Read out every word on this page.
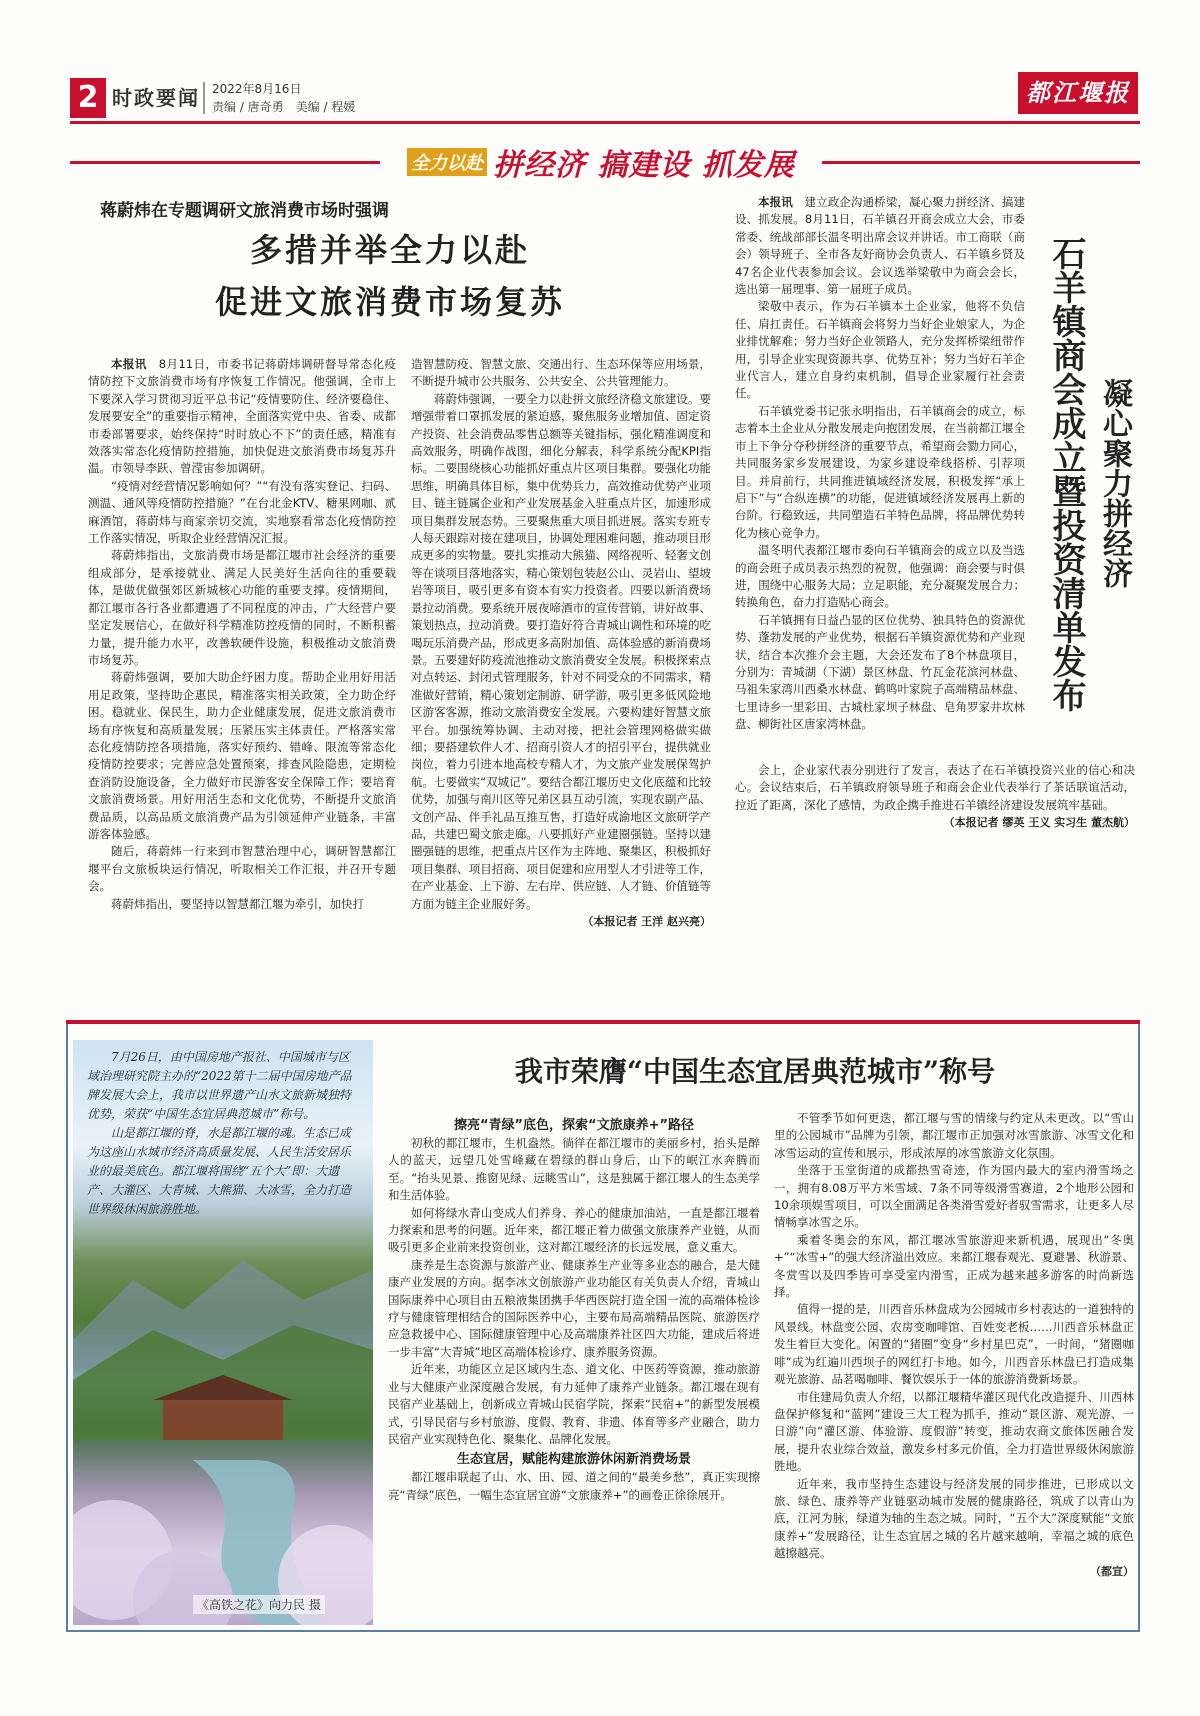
2 时政要闻 2022年8月16日
责编 / 唐奇勇　美编 / 程媛	都江堰报
全力以赴 拼经济 搞建设 抓发展
蒋蔚炜在专题调研文旅消费市场时强调
多措并举全力以赴
促进文旅消费市场复苏

本报讯　 8月11日，市委书记蒋蔚炜调研督导常态化疫情防控下文旅消费市场有序恢复工作情况。他强调，全市上下要深入学习贯彻习近平总书记“疫情要防住、经济要稳住、发展要安全”的重要指示精神，全面落实党中央、省委、成都市委部署要求，始终保持“时时放心不下”的责任感，精准有效落实常态化疫情防控措施，加快促进文旅消费市场复苏升温。市领导李跃、曾滢宙参加调研。

“疫情对经营情况影响如何？”“有没有落实登记、扫码、测温、通风等疫情防控措施？”在台北金KTV、糖果网咖、贰麻酒馆，蒋蔚炜与商家亲切交流，实地察看常态化疫情防控工作落实情况，听取企业经营情况汇报。

蒋蔚炜指出，文旅消费市场是都江堰市社会经济的重要组成部分，是承接就业、满足人民美好生活向往的重要载体，是做优做强郊区新城核心功能的重要支撑。疫情期间，都江堰市各行各业都遭遇了不同程度的冲击，广大经营户要坚定发展信心，在做好科学精准防控疫情的同时，不断积蓄力量，提升能力水平，改善软硬件设施，积极推动文旅消费市场复苏。

蒋蔚炜强调，要加大助企纾困力度。帮助企业用好用活用足政策，坚持助企惠民，精准落实相关政策，全力助企纾困。稳就业、保民生，助力企业健康发展，促进文旅消费市场有序恢复和高质量发展；压紧压实主体责任。严格落实常态化疫情防控各项措施，落实好预约、错峰、限流等常态化疫情防控要求；完善应急处置预案，排查风险隐患，定期检查消防设施设备，全力做好市民游客安全保障工作；要培育文旅消费场景。用好用活生态和文化优势，不断提升文旅消费品质，以高品质文旅消费产品为引领延伸产业链条，丰富游客体验感。

随后，蒋蔚炜一行来到市智慧治理中心，调研智慧都江堰平台文旅板块运行情况，听取相关工作汇报，并召开专题会。

蒋蔚炜指出，要坚持以智慧都江堰为牵引，加快打

造智慧防疫、智慧文旅、交通出行、生态环保等应用场景，不断提升城市公共服务、公共安全、公共管理能力。

蒋蔚炜强调，一要全力以赴拼文旅经济稳文旅建设。要增强带着口罩抓发展的紧迫感，聚焦服务业增加值、固定资产投资、社会消费品零售总额等关键指标，强化精准调度和高效服务，明确作战图，细化分解表，科学系统分配KPI指标。二要围绕核心功能抓好重点片区项目集群。要强化功能思维，明确具体目标，集中优势兵力，高效推动优势产业项目、链主链属企业和产业发展基金入驻重点片区，加速形成项目集群发展态势。三要聚焦重大项目抓进展。落实专班专人每天跟踪对接在建项目，协调处理困难问题，推动项目形成更多的实物量。要扎实推动大熊猫、网络视听、轻奢文创等在谈项目落地落实，精心策划包装赵公山、灵岩山、望坡岩等项目，吸引更多有资本有实力投资者。四要以新消费场景拉动消费。要系统开展夜啼酒市的宣传营销，讲好故事、策划热点，拉动消费。要打造好符合青城山调性和环境的吃喝玩乐消费产品，形成更多高附加值、高体验感的新消费场景。五要建好防疫流池推动文旅消费安全发展。积极探索点对点转运、封闭式管理服务，针对不同受众的不同需求，精准做好营销，精心策划定制游、研学游，吸引更多低风险地区游客客源，推动文旅消费安全发展。六要构建好智慧文旅平台。加强统筹协调、主动对接，把社会管理网格做实做细；要搭建软件人才、招商引资人才的招引平台，提供就业岗位，着力引进本地高校专精人才，为文旅产业发展保驾护航。七要做实“双城记”。要结合都江堰历史文化底蕴和比较优势，加强与南川区等兄弟区县互动引流，实现农副产品、文创产品、伴手礼品互推互售，打造好成渝地区文旅研学产品，共建巴蜀文旅走廊。八要抓好产业建圈强链。坚持以建圈强链的思维，把重点片区作为主阵地、聚集区，积极抓好项目集群、项目招商、项目促建和应用型人才引进等工作，在产业基金、上下游、左右岸、供应链、人才链、价值链等方面为链主企业服好务。

（本报记者 王洋 赵兴亮）

本报讯　 建立政企沟通桥梁，凝心聚力拼经济、搞建设、抓发展。8月11日，石羊镇召开商会成立大会，市委常委、统战部部长温冬明出席会议并讲话。市工商联（商会）领导班子、全市各友好商协会负责人、石羊镇乡贤及47名企业代表参加会议。会议选举梁敬中为商会会长，选出第一届理事、第一届班子成员。

梁敬中表示，作为石羊镇本土企业家，他将不负信任、肩扛责任。石羊镇商会将努力当好企业娘家人，为企业排忧解难；努力当好企业领路人，充分发挥桥梁纽带作用，引导企业实现资源共享、优势互补；努力当好石羊企业代言人，建立自身约束机制，倡导企业家履行社会责任。

石羊镇党委书记张永明指出，石羊镇商会的成立，标志着本土企业从分散发展走向抱团发展，在当前都江堰全市上下争分夺秒拼经济的重要节点，希望商会勠力同心，共同服务家乡发展建设，为家乡建设牵线搭桥、引荐项目。并肩前行，共同推进镇域经济发展，积极发挥“承上启下”与“合纵连横”的功能，促进镇域经济发展再上新的台阶。行稳致远，共同塑造石羊特色品牌，将品牌优势转化为核心竞争力。

温冬明代表都江堰市委向石羊镇商会的成立以及当选的商会班子成员表示热烈的祝贺，他强调：商会要与时俱进，围绕中心服务大局；立足职能，充分凝聚发展合力；转换角色，奋力打造贴心商会。

石羊镇拥有日益凸显的区位优势、独具特色的资源优势、蓬勃发展的产业优势，根据石羊镇资源优势和产业现状，结合本次推介会主题，大会还发布了8个林盘项目，分别为：青城湖（下湖）景区林盘、竹瓦金花滨河林盘、马祖朱家湾川西桑水林盘、鹤鸣叶家院子高端精品林盘、七里诗乡一里彩田、古城杜家坝子林盘、皂角罗家井坎林盘、柳街社区唐家湾林盘。

石羊镇商会成立暨投资清单发布 凝心聚力拼经济

会上，企业家代表分别进行了发言，表达了在石羊镇投资兴业的信心和决心。会议结束后，石羊镇政府领导班子和商会企业代表举行了茶话联谊活动，拉近了距离，深化了感情，为政企携手推进石羊镇经济建设发展筑牢基础。

（本报记者 缪英 王义 实习生 董杰航）

7月26日，由中国房地产报社、中国城市与区域治理研究院主办的“2022第十二届中国房地产品牌发展大会上，我市以世界遗产山水文旅新城独特优势，荣获“中国生态宜居典范城市”称号。

山是都江堰的脊，水是都江堰的魂。生态已成为这座山水城市经济高质量发展、人民生活安居乐业的最美底色。都江堰将围绕“五个大”即：大遗产、大灌区、大青城、大熊猫、大冰雪，全力打造世界级休闲旅游胜地。

《高铁之花》向力民 摄
我市荣膺“中国生态宜居典范城市”称号

擦亮“青绿”底色，探索“文旅康养+”路径

初秋的都江堰市，生机盎然。徜徉在都江堰市的美丽乡村，抬头是醉人的蓝天，远望几处雪峰藏在碧绿的群山身后，山下的岷江水奔腾而至。“抬头见景、推窗见绿、远眺雪山”，这是独属于都江堰人的生态美学和生活体验。

如何将绿水青山变成人们养身、养心的健康加油站，一直是都江堰着力探索和思考的问题。近年来，都江堰正着力做强文旅康养产业链，从而吸引更多企业前来投资创业，这对都江堰经济的长远发展，意义重大。

康养是生态资源与旅游产业、健康养生产业等多业态的融合，是大健康产业发展的方向。据李冰文创旅游产业功能区有关负责人介绍，青城山国际康养中心项目由五粮液集团携手华西医院打造全国一流的高端体检诊疗与健康管理相结合的国际医养中心，主要布局高端精品医院、旅游医疗应急救援中心、国际健康管理中心及高端康养社区四大功能，建成后将进一步丰富“大青城”地区高端体检诊疗、康养服务资源。

近年来，功能区立足区域内生态、道文化、中医药等资源，推动旅游业与大健康产业深度融合发展，有力延伸了康养产业链条。都江堰在现有民宿产业基础上，创新成立青城山民宿学院，探索“民宿+”的新型发展模式，引导民宿与乡村旅游、度假、教育、非遗、体育等多产业融合，助力民宿产业实现特色化、聚集化、品牌化发展。

生态宜居，赋能构建旅游休闲新消费场景

都江堰串联起了山、水、田、园、道之间的“最美乡愁”，真正实现擦亮“青绿”底色，一幅生态宜居宜游“文旅康养+”的画卷正徐徐展开。

不管季节如何更迭，都江堰与雪的情缘与约定从未更改。以“雪山里的公园城市”品牌为引领，都江堰市正加强对冰雪旅游、冰雪文化和冰雪运动的宣传和展示，形成浓厚的冰雪旅游文化氛围。

坐落于玉堂街道的成都热雪奇迹，作为国内最大的室内滑雪场之一，拥有8.08万平方米雪域、7条不同等级滑雪赛道，2个地形公园和10余项娱雪项目，可以全面满足各类滑雪爱好者驭雪需求，让更多人尽情畅享冰雪之乐。

乘着冬奥会的东风，都江堰冰雪旅游迎来新机遇，展现出“冬奥+”“冰雪+”的强大经济溢出效应。来都江堰春观光、夏避暑、秋游景、冬赏雪以及四季皆可享受室内滑雪，正成为越来越多游客的时尚新选择。

值得一提的是，川西音乐林盘成为公园城市乡村表达的一道独特的风景线。林盘变公园、农房变咖啡馆、百姓变老板……川西音乐林盘正发生着巨大变化。闲置的“猪圈”变身“乡村星巴克”，一时间，“猪圈咖啡”成为红遍川西坝子的网红打卡地。如今，川西音乐林盘已打造成集观光旅游、品茗喝咖啡、餐饮娱乐于一体的旅游消费新场景。

市住建局负责人介绍，以都江堰精华灌区现代化改造提升、川西林盘保护修复和“蓝网”建设三大工程为抓手，推动“景区游、观光游、一日游”向“灌区游、体验游、度假游”转变，推动农商文旅体医融合发展，提升农业综合效益，激发乡村多元价值，全力打造世界级休闲旅游胜地。

近年来，我市坚持生态建设与经济发展的同步推进，已形成以文旅、绿色、康养等产业链驱动城市发展的健康路径，筑成了以青山为底，江河为脉，绿道为轴的生态之城。同时，“五个大”深度赋能“文旅康养+”发展路径，让生态宜居之城的名片越来越响，幸福之城的底色越擦越亮。

（都宣）
